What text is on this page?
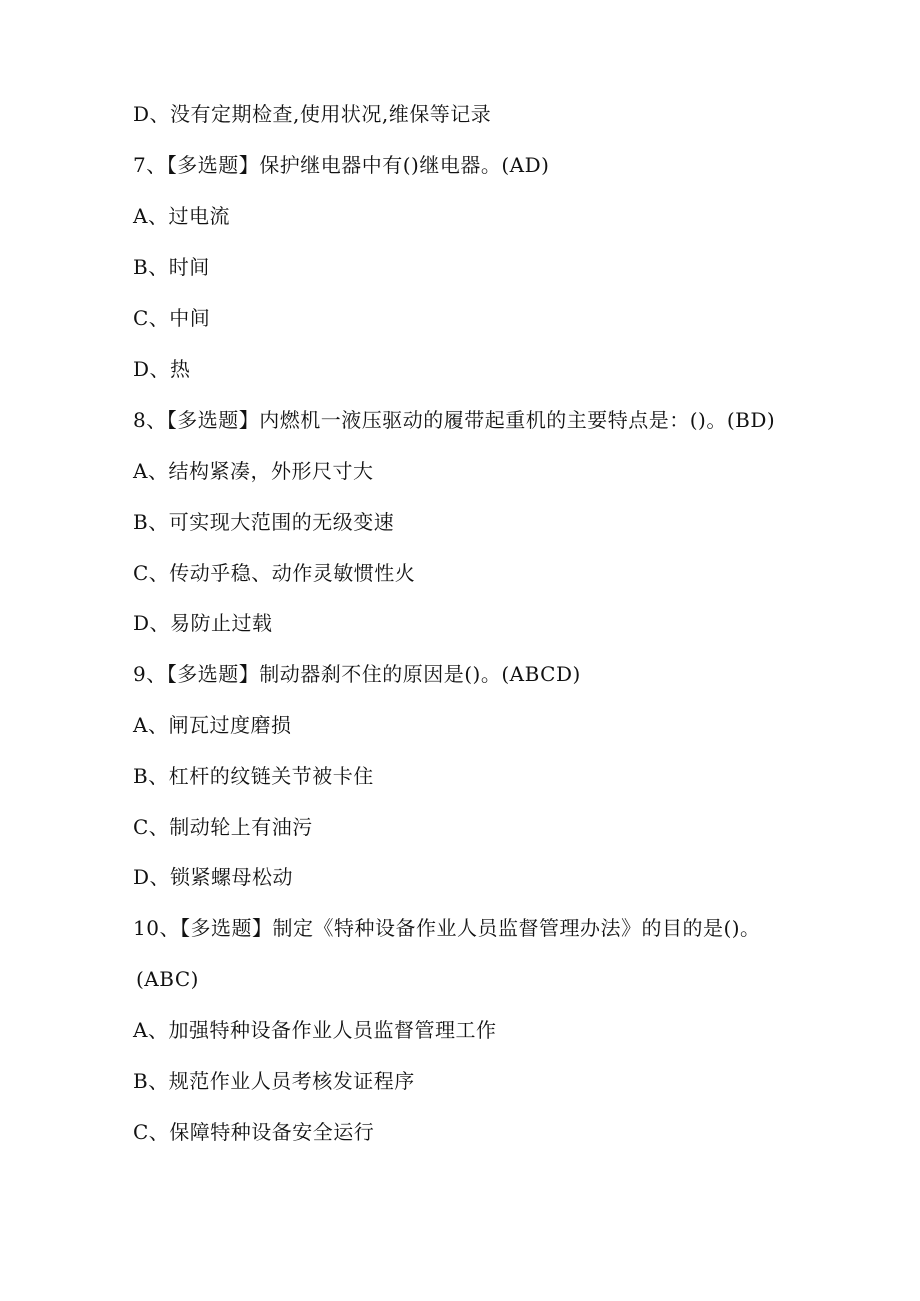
D、没有定期检查,使用状况,维保等记录
7、【多选题】保护继电器中有()继电器。(AD)
A、过电流
B、时间
C、中间
D、热
8、【多选题】内燃机一液压驱动的履带起重机的主要特点是：()。(BD)
A、结构紧凑，外形尺寸大
B、可实现大范围的无级变速
C、传动乎稳、动作灵敏惯性火
D、易防止过载
9、【多选题】制动器刹不住的原因是()。(ABCD)
A、闸瓦过度磨损
B、杠杆的纹链关节被卡住
C、制动轮上有油污
D、锁紧螺母松动
10、【多选题】制定《特种设备作业人员监督管理办法》的目的是()。
(ABC)
A、加强特种设备作业人员监督管理工作
B、规范作业人员考核发证程序
C、保障特种设备安全运行
